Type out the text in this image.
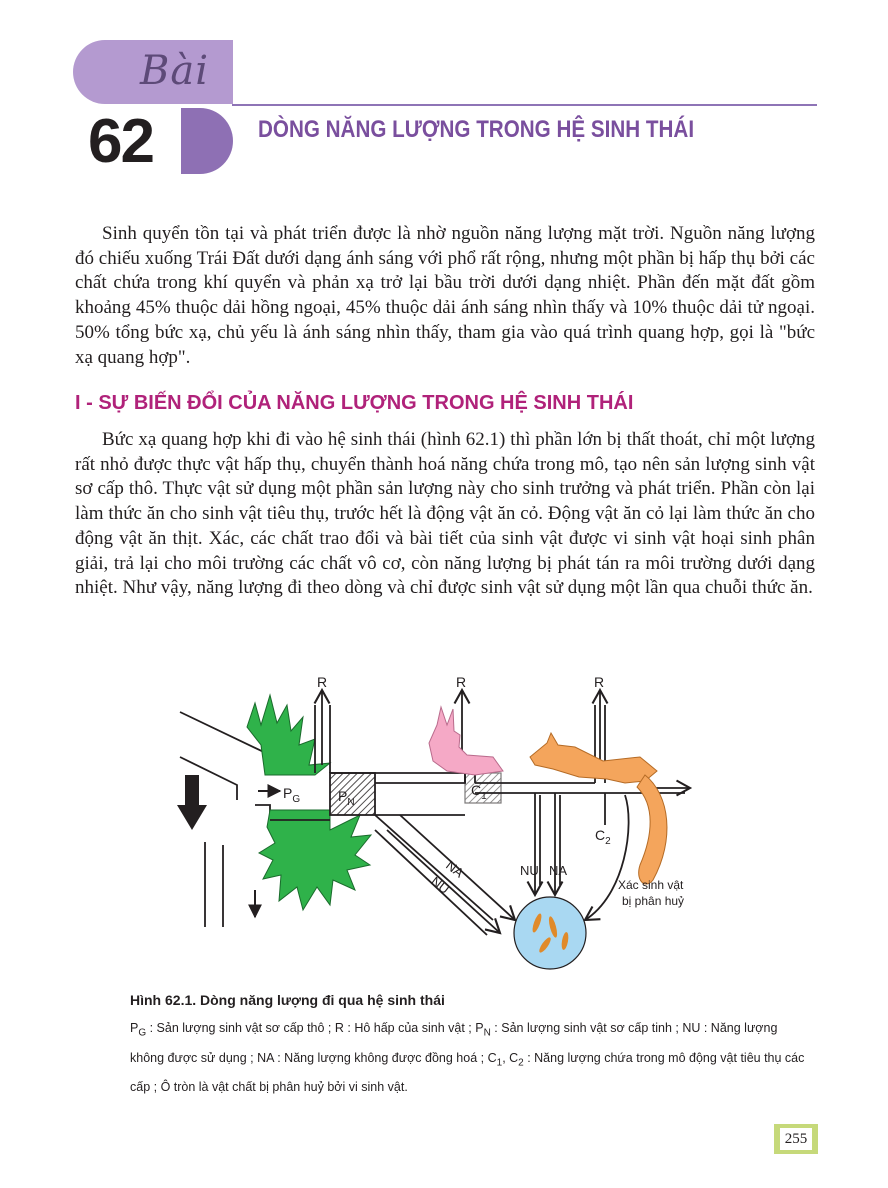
Bài
62	DÒNG NĂNG LƯỢNG TRONG HỆ SINH THÁI

Sinh quyển tồn tại và phát triển được là nhờ nguồn năng lượng mặt trời. Nguồn năng lượng đó chiếu xuống Trái Đất dưới dạng ánh sáng với phổ rất rộng, nhưng một phần bị hấp thụ bởi các chất chứa trong khí quyển và phản xạ trở lại bầu trời dưới dạng nhiệt. Phần đến mặt đất gồm khoảng 45% thuộc dải hồng ngoại, 45% thuộc dải ánh sáng nhìn thấy và 10% thuộc dải tử ngoại. 50% tổng bức xạ, chủ yếu là ánh sáng nhìn thấy, tham gia vào quá trình quang hợp, gọi là "bức xạ quang hợp".

I - SỰ BIẾN ĐỔI CỦA NĂNG LƯỢNG TRONG HỆ SINH THÁI

Bức xạ quang hợp khi đi vào hệ sinh thái (hình 62.1) thì phần lớn bị thất thoát, chỉ một lượng rất nhỏ được thực vật hấp thụ, chuyển thành hoá năng chứa trong mô, tạo nên sản lượng sinh vật sơ cấp thô. Thực vật sử dụng một phần sản lượng này cho sinh trưởng và phát triển. Phần còn lại làm thức ăn cho sinh vật tiêu thụ, trước hết là động vật ăn cỏ. Động vật ăn cỏ lại làm thức ăn cho động vật ăn thịt. Xác, các chất trao đổi và bài tiết của sinh vật được vi sinh vật hoại sinh phân giải, trả lại cho môi trường các chất vô cơ, còn năng lượng bị phát tán ra môi trường dưới dạng nhiệt. Như vậy, năng lượng đi theo dòng và chỉ được sinh vật sử dụng một lần qua chuỗi thức ăn.

R	R	R
$P_G$	$P_N$
$C_1$
$C_2$
NA
NU
NU NA
Xác sinh vật
bị phân huỷ
Hình 62.1. Dòng năng lượng đi qua hệ sinh thái
$P_G$ : Sản lượng sinh vật sơ cấp thô ; R : Hô hấp của sinh vật ; $P_N$ : Sản lượng sinh vật sơ cấp tinh ; NU : Năng lượng không được sử dụng ; NA : Năng lượng không được đồng hoá ; $C_1$, $C_2$ : Năng lượng chứa trong mô động vật tiêu thụ các cấp ; Ô tròn là vật chất bị phân huỷ bởi vi sinh vật.
255
